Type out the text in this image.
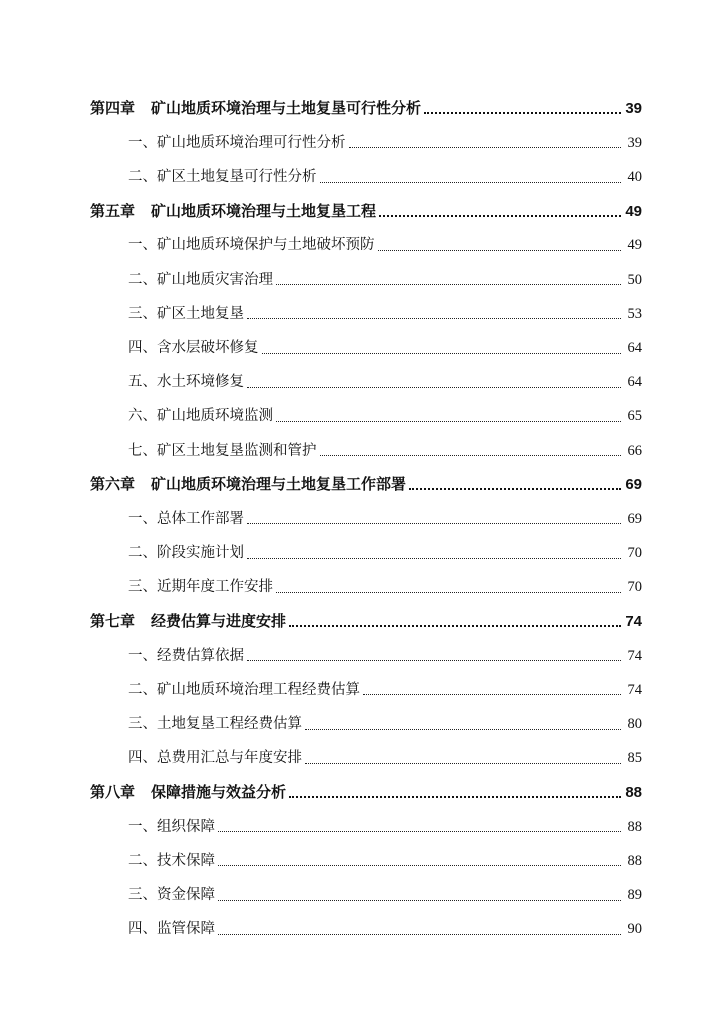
第四章 矿山地质环境治理与土地复垦可行性分析	39
一、矿山地质环境治理可行性分析	39
二、矿区土地复垦可行性分析	40
第五章 矿山地质环境治理与土地复垦工程	49
一、矿山地质环境保护与土地破坏预防	49
二、矿山地质灾害治理	50
三、矿区土地复垦	53
四、含水层破坏修复	64
五、水土环境修复	64
六、矿山地质环境监测	65
七、矿区土地复垦监测和管护	66
第六章 矿山地质环境治理与土地复垦工作部署	69
一、总体工作部署	69
二、阶段实施计划	70
三、近期年度工作安排	70
第七章 经费估算与进度安排	74
一、经费估算依据	74
二、矿山地质环境治理工程经费估算	74
三、土地复垦工程经费估算	80
四、总费用汇总与年度安排	85
第八章 保障措施与效益分析	88
一、组织保障	88
二、技术保障	88
三、资金保障	89
四、监管保障	90
